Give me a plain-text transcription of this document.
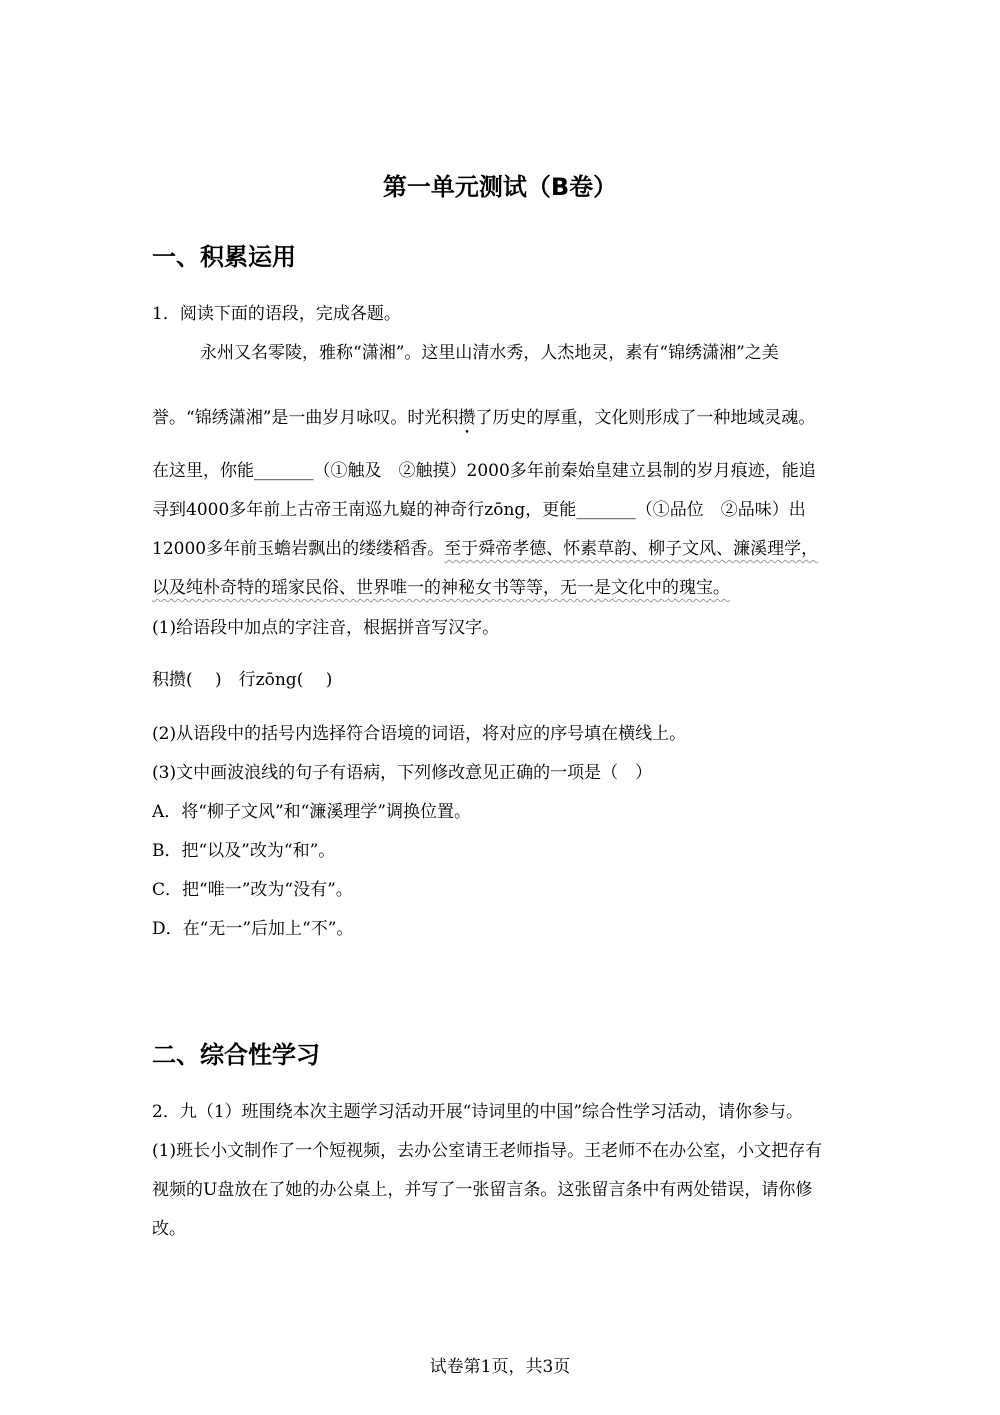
第一单元测试（B卷）
一、积累运用
1．阅读下面的语段，完成各题。
永州又名零陵，雅称“潇湘”。这里山清水秀，人杰地灵，素有“锦绣潇湘”之美
誉。“锦绣潇湘”是一曲岁月咏叹。时光积攒了历史的厚重，文化则形成了一种地域灵魂。
在这里，你能_______（①触及　②触摸）2000多年前秦始皇建立县制的岁月痕迹，能追
寻到4000多年前上古帝王南巡九嶷的神奇行zōng，更能_______（①品位　②品味）出
12000多年前玉蟾岩飘出的缕缕稻香。至于舜帝孝德、怀素草韵、柳子文风、濂溪理学，
以及纯朴奇特的瑶家民俗、世界唯一的神秘女书等等，无一是文化中的瑰宝。
(1)给语段中加点的字注音，根据拼音写汉字。
积攒(　 )　行zōng(　 )
(2)从语段中的括号内选择符合语境的词语，将对应的序号填在横线上。
(3)文中画波浪线的句子有语病，下列修改意见正确的一项是（　）
A．将“柳子文风”和“濂溪理学”调换位置。
B．把“以及”改为“和”。
C．把“唯一”改为“没有”。
D．在“无一”后加上“不”。
二、综合性学习
2．九（1）班围绕本次主题学习活动开展“诗词里的中国”综合性学习活动，请你参与。
(1)班长小文制作了一个短视频，去办公室请王老师指导。王老师不在办公室，小文把存有
视频的U盘放在了她的办公桌上，并写了一张留言条。这张留言条中有两处错误，请你修
改。
试卷第1页，共3页
